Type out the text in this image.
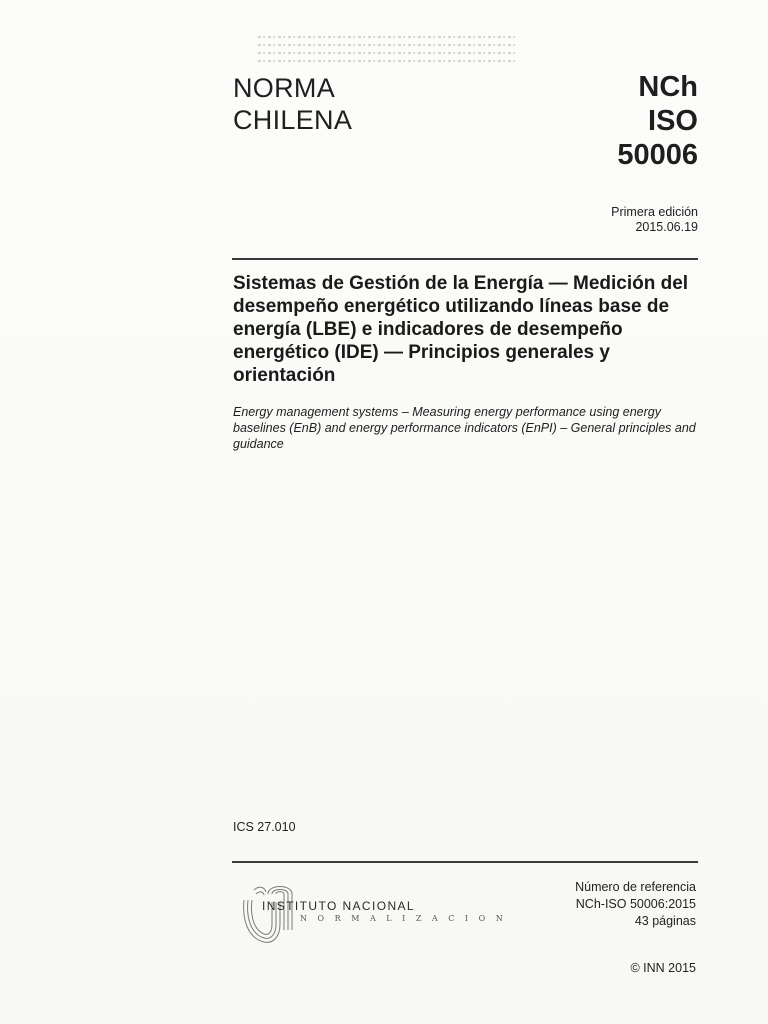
NORMA
CHILENA
NCh
ISO
50006
Primera edición
2015.06.19
Sistemas de Gestión de la Energía — Medición del desempeño energético utilizando líneas base de energía (LBE) e indicadores de desempeño energético (IDE) — Principios generales y orientación
Energy management systems – Measuring energy performance using energy baselines (EnB) and energy performance indicators (EnPI) – General principles and guidance
ICS 27.010
INSTITUTO NACIONAL
N O R M A L I Z A C I O N
Número de referencia
NCh-ISO 50006:2015
43 páginas
© INN 2015
